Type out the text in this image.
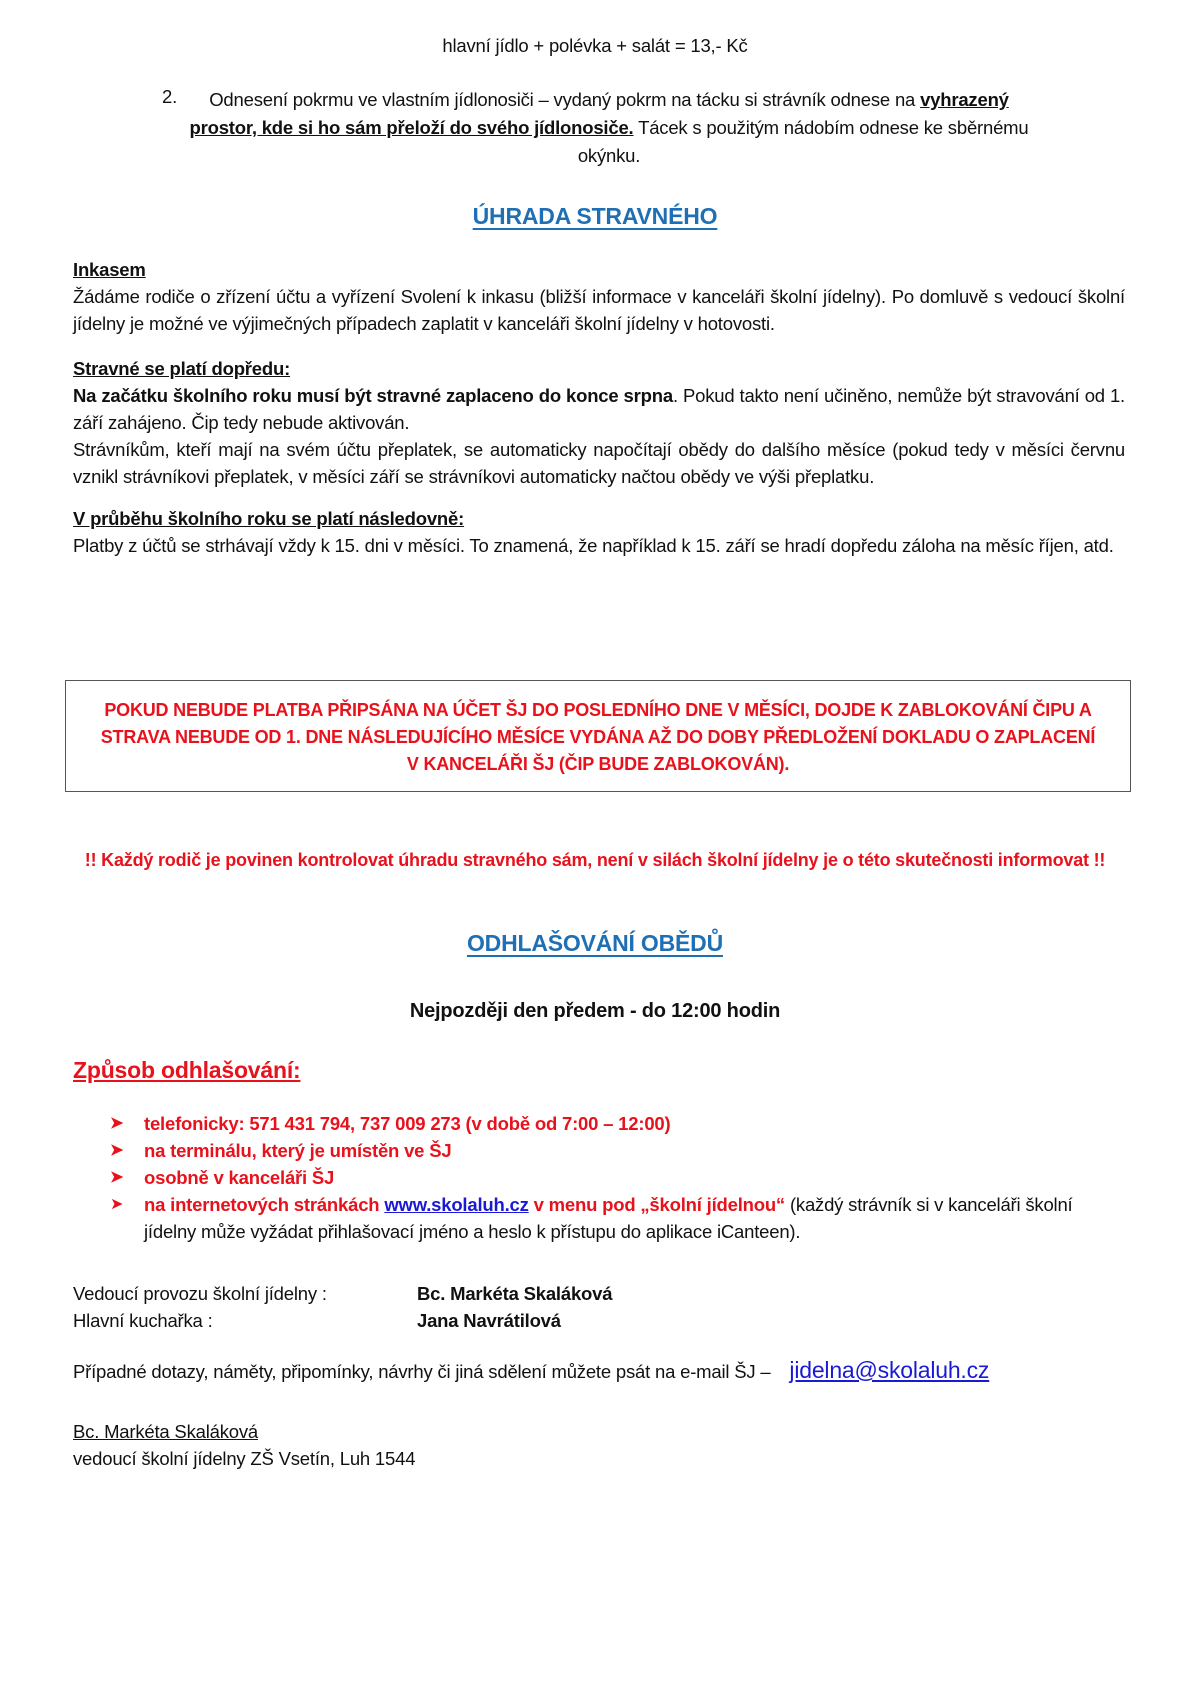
hlavní jídlo + polévka + salát = 13,- Kč
2.	Odnesení pokrmu ve vlastním jídlonosiči – vydaný pokrm na tácku si strávník odnese na vyhrazený prostor, kde si ho sám přeloží do svého jídlonosiče. Tácek s použitým nádobím odnese ke sběrnému okýnku.
ÚHRADA STRAVNÉHO
Inkasem
Žádáme rodiče o zřízení účtu a vyřízení Svolení k inkasu (bližší informace v kanceláři školní jídelny). Po domluvě s vedoucí školní jídelny je možné ve výjimečných případech zaplatit v kanceláři školní jídelny v hotovosti.
Stravné se platí dopředu:
Na začátku školního roku musí být stravné zaplaceno do konce srpna. Pokud takto není učiněno, nemůže být stravování od 1. září zahájeno. Čip tedy nebude aktivován.
Strávníkům, kteří mají na svém účtu přeplatek, se automaticky napočítají obědy do dalšího měsíce (pokud tedy v měsíci červnu vznikl strávníkovi přeplatek, v měsíci září se strávníkovi automaticky načtou obědy ve výši přeplatku.
V průběhu školního roku se platí následovně:
Platby z účtů se strhávají vždy k 15. dni v měsíci. To znamená, že například k 15. září se hradí dopředu záloha na měsíc říjen, atd.
POKUD NEBUDE PLATBA PŘIPSÁNA NA ÚČET ŠJ DO POSLEDNÍHO DNE V MĚSÍCI, DOJDE K ZABLOKOVÁNÍ ČIPU A
STRAVA NEBUDE OD 1. DNE NÁSLEDUJÍCÍHO MĚSÍCE VYDÁNA AŽ DO DOBY PŘEDLOŽENÍ DOKLADU O ZAPLACENÍ
V KANCELÁŘI ŠJ (ČIP BUDE ZABLOKOVÁN).
!! Každý rodič je povinen kontrolovat úhradu stravného sám, není v silách školní jídelny je o této skutečnosti informovat !!
ODHLAŠOVÁNÍ OBĚDŮ
Nejpozději den předem - do 12:00 hodin
Způsob odhlašování:
➤ telefonicky: 571 431 794, 737 009 273 (v době od 7:00 – 12:00)
➤ na terminálu, který je umístěn ve ŠJ
➤ osobně v kanceláři ŠJ
➤ na internetových stránkách www.skolaluh.cz v menu pod „školní jídelnou“ (každý strávník si v kanceláři školní jídelny může vyžádat přihlašovací jméno a heslo k přístupu do aplikace iCanteen).
Vedoucí provozu školní jídelny :	Bc. Markéta Skaláková
Hlavní kuchařka :	Jana Navrátilová
Případné dotazy, náměty, připomínky, návrhy či jiná sdělení můžete psát na e-mail ŠJ – jidelna@skolaluh.cz
Bc. Markéta Skaláková
vedoucí školní jídelny ZŠ Vsetín, Luh 1544
